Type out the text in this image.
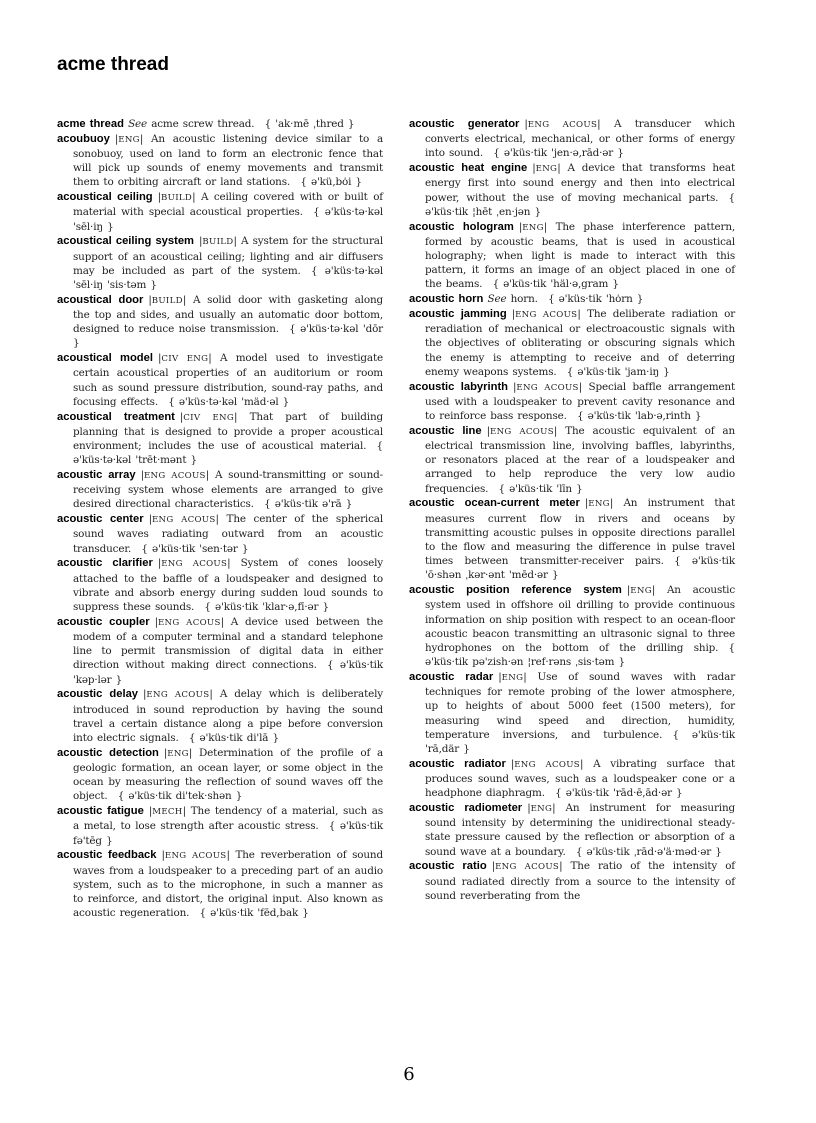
acme thread

acme thread See acme screw thread.  { 'ak·mē ˌthred }

acoubuoy |ENG| An acoustic listening device similar to a sonobuoy, used on land to form an electronic fence that will pick up sounds of enemy movements and transmit them to orbiting aircraft or land stations.  { ə'kü,bȯi }

acoustical ceiling |BUILD| A ceiling covered with or built of material with special acoustical properties.  { ə'küs·tə·kəl 'sēl·iŋ }

acoustical ceiling system |BUILD| A system for the structural support of an acoustical ceiling; lighting and air diffusers may be included as part of the system.  { ə'küs·tə·kəl 'sēl·iŋ 'sis·təm }

acoustical door |BUILD| A solid door with gasketing along the top and sides, and usually an automatic door bottom, designed to reduce noise transmission.  { ə'küs·tə·kəl 'dōr }

acoustical model |CIV ENG| A model used to investigate certain acoustical properties of an auditorium or room such as sound pressure distribution, sound-ray paths, and focusing effects.  { ə'küs·tə·kəl 'mäd·əl }

acoustical treatment |CIV ENG| That part of building planning that is designed to provide a proper acoustical environment; includes the use of acoustical material.  { ə'küs·tə·kəl 'trēt·mənt }

acoustic array |ENG ACOUS| A sound-transmitting or sound-receiving system whose elements are arranged to give desired directional characteristics.  { ə'küs·tik ə'rā }

acoustic center |ENG ACOUS| The center of the spherical sound waves radiating outward from an acoustic transducer.  { ə'küs·tik 'sen·tər }

acoustic clarifier |ENG ACOUS| System of cones loosely attached to the baffle of a loudspeaker and designed to vibrate and absorb energy during sudden loud sounds to suppress these sounds.  { ə'küs·tik 'klar·ə,fī·ər }

acoustic coupler |ENG ACOUS| A device used between the modem of a computer terminal and a standard telephone line to permit transmission of digital data in either direction without making direct connections.  { ə'küs·tik 'kəp·lər }

acoustic delay |ENG ACOUS| A delay which is deliberately introduced in sound reproduction by having the sound travel a certain distance along a pipe before conversion into electric signals.  { ə'küs·tik di'lā }

acoustic detection |ENG| Determination of the profile of a geologic formation, an ocean layer, or some object in the ocean by measuring the reflection of sound waves off the object.  { ə'küs·tik di'tek·shən }

acoustic fatigue |MECH| The tendency of a material, such as a metal, to lose strength after acoustic stress.  { ə'küs·tik fə'tēg }

acoustic feedback |ENG ACOUS| The reverberation of sound waves from a loudspeaker to a preceding part of an audio system, such as to the microphone, in such a manner as to reinforce, and distort, the original input. Also known as acoustic regeneration.  { ə'küs·tik 'fēd,bak }

acoustic generator |ENG ACOUS| A transducer which converts electrical, mechanical, or other forms of energy into sound.  { ə'küs·tik 'jen·ə,rād·ər }

acoustic heat engine |ENG| A device that transforms heat energy first into sound energy and then into electrical power, without the use of moving mechanical parts.  { ə'küs·tik ¦hēt ˌen·jən }

acoustic hologram |ENG| The phase interference pattern, formed by acoustic beams, that is used in acoustical holography; when light is made to interact with this pattern, it forms an image of an object placed in one of the beams.  { ə'küs·tik 'häl·ə,gram }

acoustic horn See horn.  { ə'küs·tik 'hȯrn }

acoustic jamming |ENG ACOUS| The deliberate radiation or reradiation of mechanical or electroacoustic signals with the objectives of obliterating or obscuring signals which the enemy is attempting to receive and of deterring enemy weapons systems.  { ə'küs·tik 'jam·iŋ }

acoustic labyrinth |ENG ACOUS| Special baffle arrangement used with a loudspeaker to prevent cavity resonance and to reinforce bass response.  { ə'küs·tik 'lab·ə,rinth }

acoustic line |ENG ACOUS| The acoustic equivalent of an electrical transmission line, involving baffles, labyrinths, or resonators placed at the rear of a loudspeaker and arranged to help reproduce the very low audio frequencies.  { ə'küs·tik 'līn }

acoustic ocean-current meter |ENG| An instrument that measures current flow in rivers and oceans by transmitting acoustic pulses in opposite directions parallel to the flow and measuring the difference in pulse travel times between transmitter-receiver pairs.  { ə'küs·tik 'ō·shən ˌkər·ənt 'mēd·ər }

acoustic position reference system |ENG| An acoustic system used in offshore oil drilling to provide continuous information on ship position with respect to an ocean-floor acoustic beacon transmitting an ultrasonic signal to three hydrophones on the bottom of the drilling ship.  { ə'küs·tik pə'zish·ən ¦ref·rəns ˌsis·təm }

acoustic radar |ENG| Use of sound waves with radar techniques for remote probing of the lower atmosphere, up to heights of about 5000 feet (1500 meters), for measuring wind speed and direction, humidity, temperature inversions, and turbulence.  { ə'küs·tik 'rā,där }

acoustic radiator |ENG ACOUS| A vibrating surface that produces sound waves, such as a loudspeaker cone or a headphone diaphragm.  { ə'küs·tik 'rād·ē,ād·ər }

acoustic radiometer |ENG| An instrument for measuring sound intensity by determining the unidirectional steady-state pressure caused by the reflection or absorption of a sound wave at a boundary.  { ə'küs·tik ˌrād·ə'ä·məd·ər }

acoustic ratio |ENG ACOUS| The ratio of the intensity of sound radiated directly from a source to the intensity of sound reverberating from the

6
